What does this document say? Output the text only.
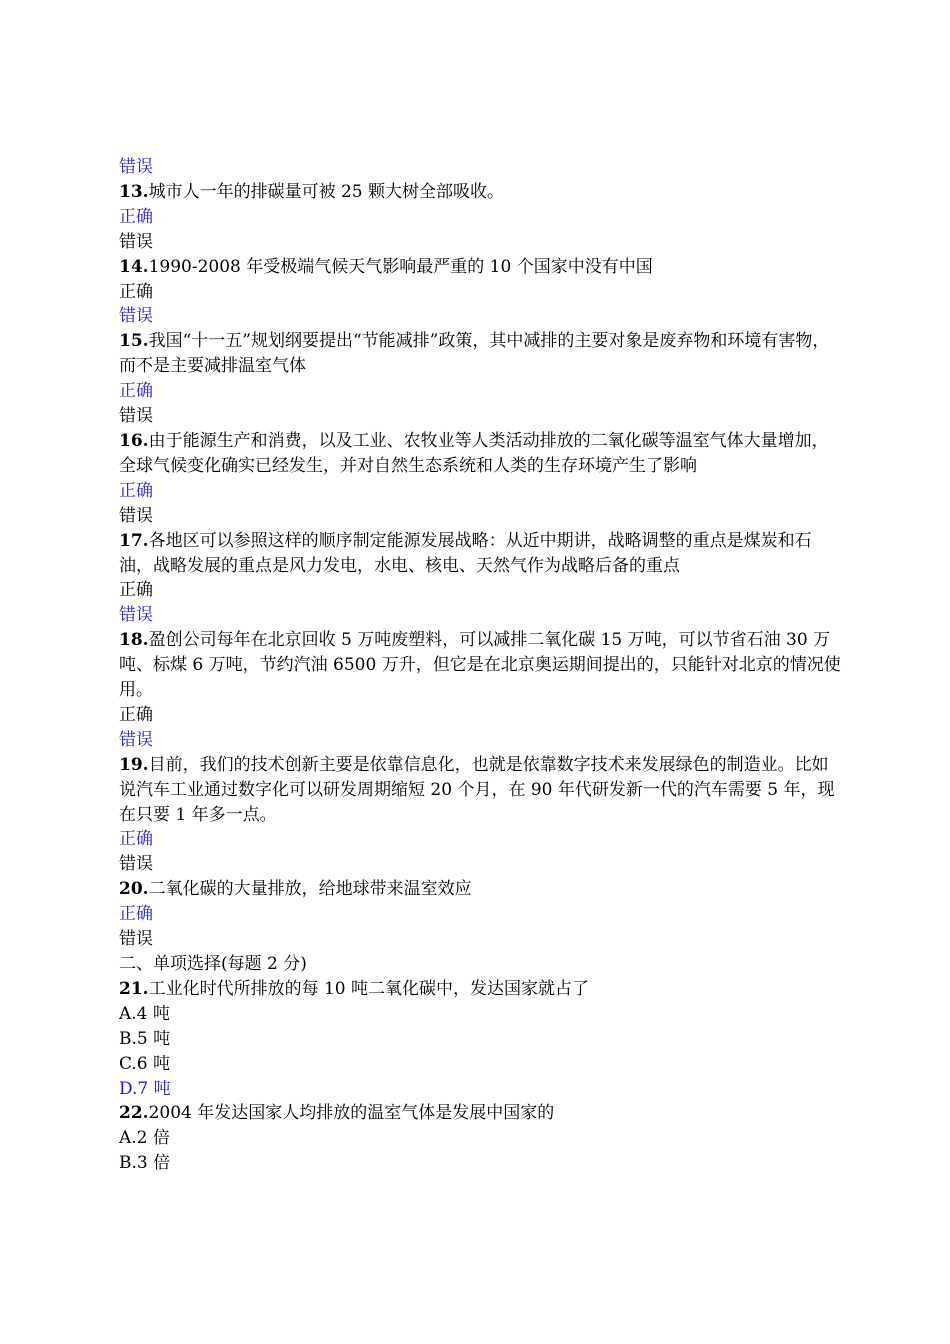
错误
13.城市人一年的排碳量可被 25 颗大树全部吸收。
正确
错误
14.1990-2008 年受极端气候天气影响最严重的 10 个国家中没有中国
正确
错误
15.我国“十一五”规划纲要提出“节能减排”政策，其中减排的主要对象是废弃物和环境有害物，而不是主要减排温室气体
正确
错误
16.由于能源生产和消费，以及工业、农牧业等人类活动排放的二氧化碳等温室气体大量增加，全球气候变化确实已经发生，并对自然生态系统和人类的生存环境产生了影响
正确
错误
17.各地区可以参照这样的顺序制定能源发展战略：从近中期讲，战略调整的重点是煤炭和石油，战略发展的重点是风力发电，水电、核电、天然气作为战略后备的重点
正确
错误
18.盈创公司每年在北京回收 5 万吨废塑料，可以减排二氧化碳 15 万吨，可以节省石油 30 万吨、标煤 6 万吨，节约汽油 6500 万升，但它是在北京奥运期间提出的，只能针对北京的情况使用。
正确
错误
19.目前，我们的技术创新主要是依靠信息化，也就是依靠数字技术来发展绿色的制造业。比如说汽车工业通过数字化可以研发周期缩短 20 个月，在 90 年代研发新一代的汽车需要 5 年，现在只要 1 年多一点。
正确
错误
20.二氧化碳的大量排放，给地球带来温室效应
正确
错误
二、单项选择(每题 2 分)
21.工业化时代所排放的每 10 吨二氧化碳中，发达国家就占了
A.4 吨
B.5 吨
C.6 吨
D.7 吨
22.2004 年发达国家人均排放的温室气体是发展中国家的
A.2 倍
B.3 倍
